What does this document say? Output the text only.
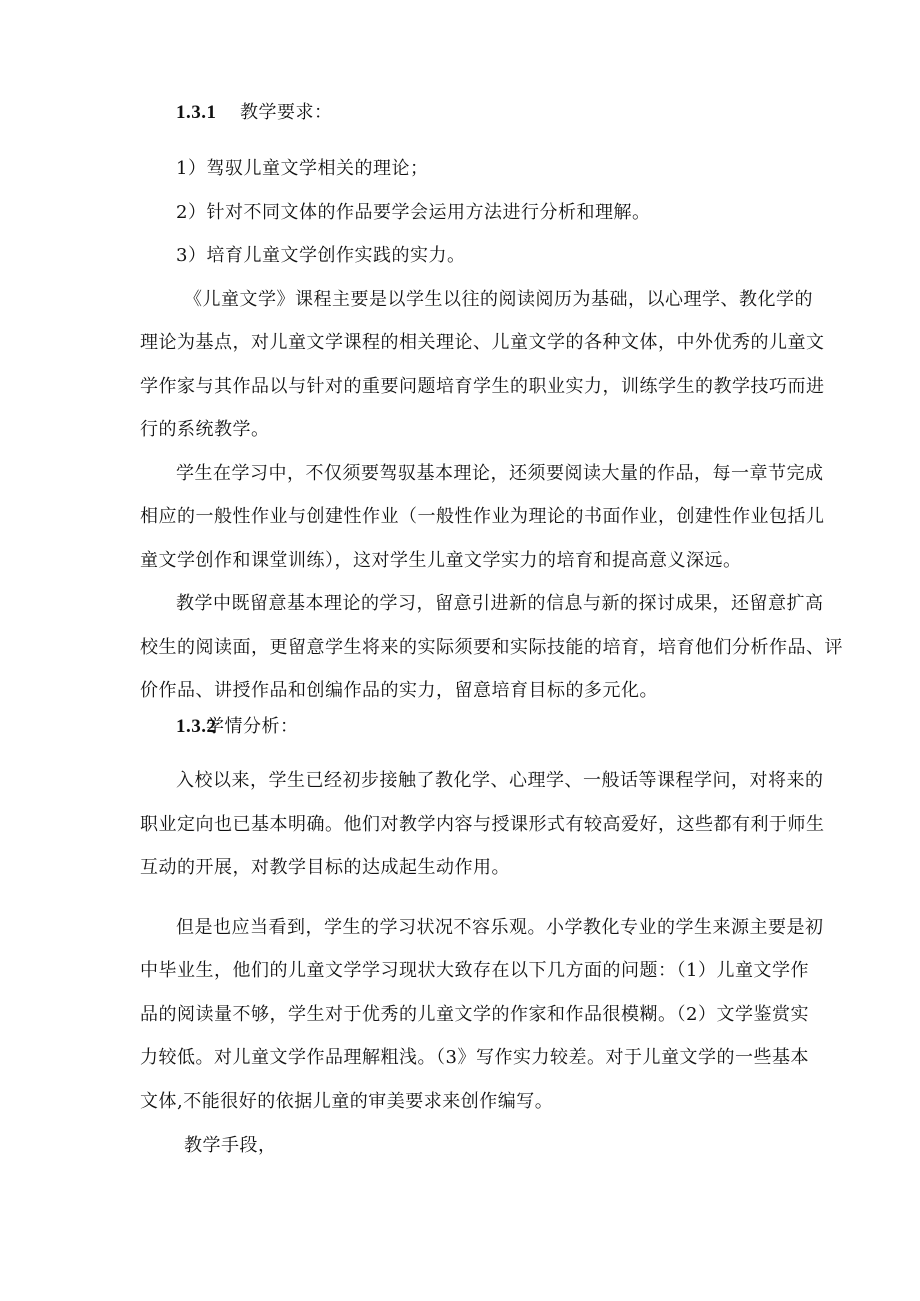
1.3.1 教学要求：
1）驾驭儿童文学相关的理论；
2）针对不同文体的作品要学会运用方法进行分析和理解。
3）培育儿童文学创作实践的实力。
《儿童文学》课程主要是以学生以往的阅读阅历为基础，以心理学、教化学的
理论为基点，对儿童文学课程的相关理论、儿童文学的各种文体，中外优秀的儿童文
学作家与其作品以与针对的重要问题培育学生的职业实力，训练学生的教学技巧而进
行的系统教学。
学生在学习中，不仅须要驾驭基本理论，还须要阅读大量的作品，每一章节完成
相应的一般性作业与创建性作业（一般性作业为理论的书面作业，创建性作业包括儿
童文学创作和课堂训练），这对学生儿童文学实力的培育和提高意义深远。
教学中既留意基本理论的学习，留意引进新的信息与新的探讨成果，还留意扩高
校生的阅读面，更留意学生将来的实际须要和实际技能的培育，培育他们分析作品、评
价作品、讲授作品和创编作品的实力，留意培育目标的多元化。
1.3.2
学情分析：
入校以来，学生已经初步接触了教化学、心理学、一般话等课程学问，对将来的
职业定向也已基本明确。他们对教学内容与授课形式有较高爱好，这些都有利于师生
互动的开展，对教学目标的达成起生动作用。
但是也应当看到，学生的学习状况不容乐观。小学教化专业的学生来源主要是初
中毕业生，他们的儿童文学学习现状大致存在以下几方面的问题：（1）儿童文学作
品的阅读量不够，学生对于优秀的儿童文学的作家和作品很模糊。（2）文学鉴赏实
力较低。对儿童文学作品理解粗浅。（3》写作实力较差。对于儿童文学的一些基本
文体,不能很好的依据儿童的审美要求来创作编写。
教学手段，
